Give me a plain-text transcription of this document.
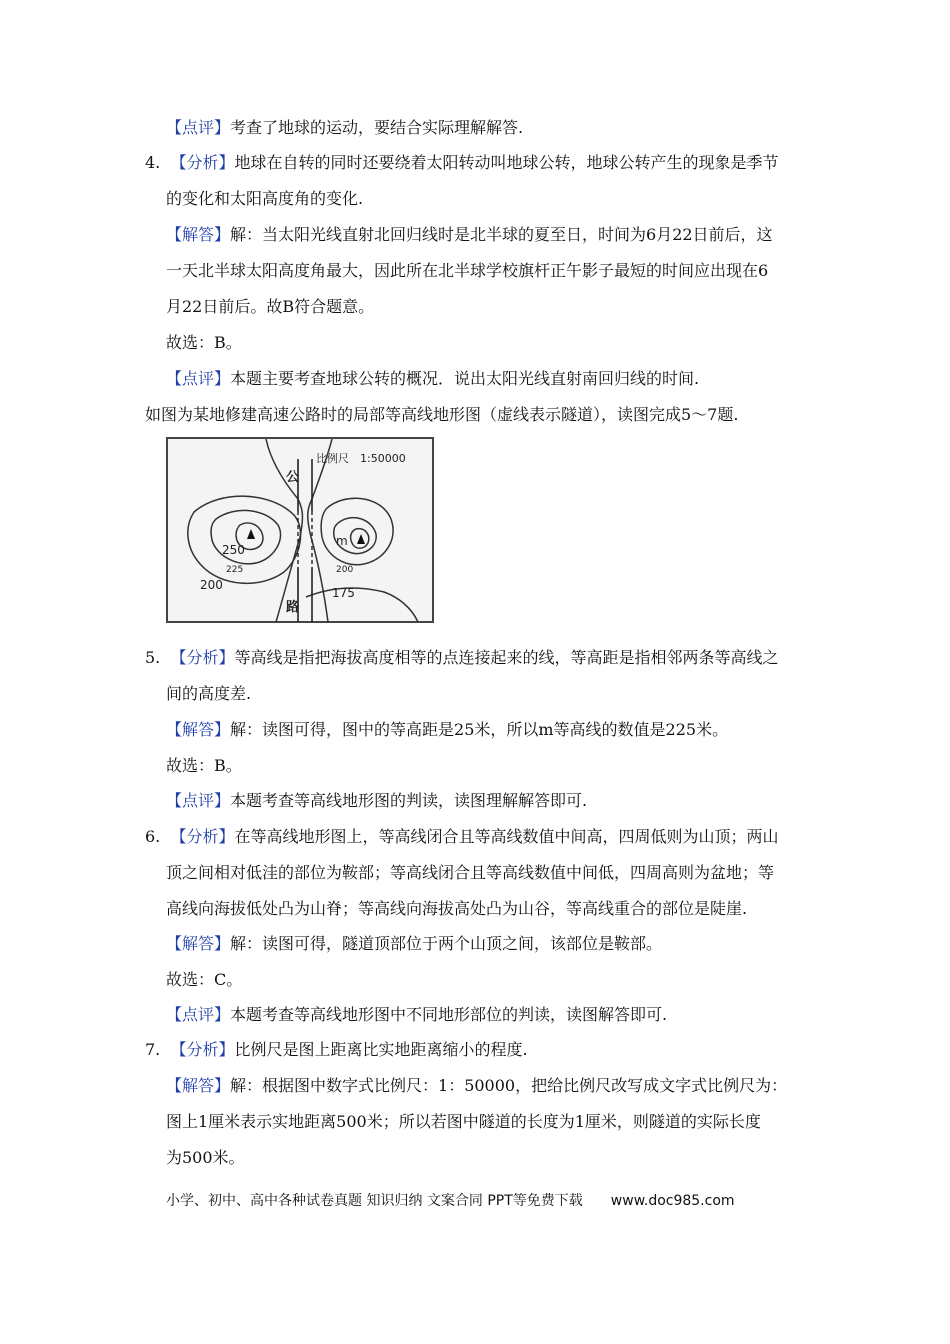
【点评】考查了地球的运动，要结合实际理解解答.
4. 【分析】地球在自转的同时还要绕着太阳转动叫地球公转，地球公转产生的现象是季节
的变化和太阳高度角的变化.
【解答】解：当太阳光线直射北回归线时是北半球的夏至日，时间为6月22日前后，这
一天北半球太阳高度角最大，因此所在北半球学校旗杆正午影子最短的时间应出现在6
月22日前后。故B符合题意。
故选：B。
【点评】本题主要考查地球公转的概况．说出太阳光线直射南回归线的时间.
如图为某地修建高速公路时的局部等高线地形图（虚线表示隧道），读图完成5～7题.
比例尺　1:50000
公
路
250
225
200
m
200
175
5. 【分析】等高线是指把海拔高度相等的点连接起来的线，等高距是指相邻两条等高线之
间的高度差.
【解答】解：读图可得，图中的等高距是25米，所以m等高线的数值是225米。
故选：B。
【点评】本题考查等高线地形图的判读，读图理解解答即可.
6. 【分析】在等高线地形图上，等高线闭合且等高线数值中间高，四周低则为山顶；两山
顶之间相对低洼的部位为鞍部；等高线闭合且等高线数值中间低，四周高则为盆地；等
高线向海拔低处凸为山脊；等高线向海拔高处凸为山谷，等高线重合的部位是陡崖.
【解答】解：读图可得，隧道顶部位于两个山顶之间，该部位是鞍部。
故选：C。
【点评】本题考查等高线地形图中不同地形部位的判读，读图解答即可.
7. 【分析】比例尺是图上距离比实地距离缩小的程度.
【解答】解：根据图中数字式比例尺：1：50000，把给比例尺改写成文字式比例尺为：
图上1厘米表示实地距离500米；所以若图中隧道的长度为1厘米，则隧道的实际长度
为500米。
小学、初中、高中各种试卷真题 知识归纳 文案合同 PPT等免费下载 www.doc985.com
